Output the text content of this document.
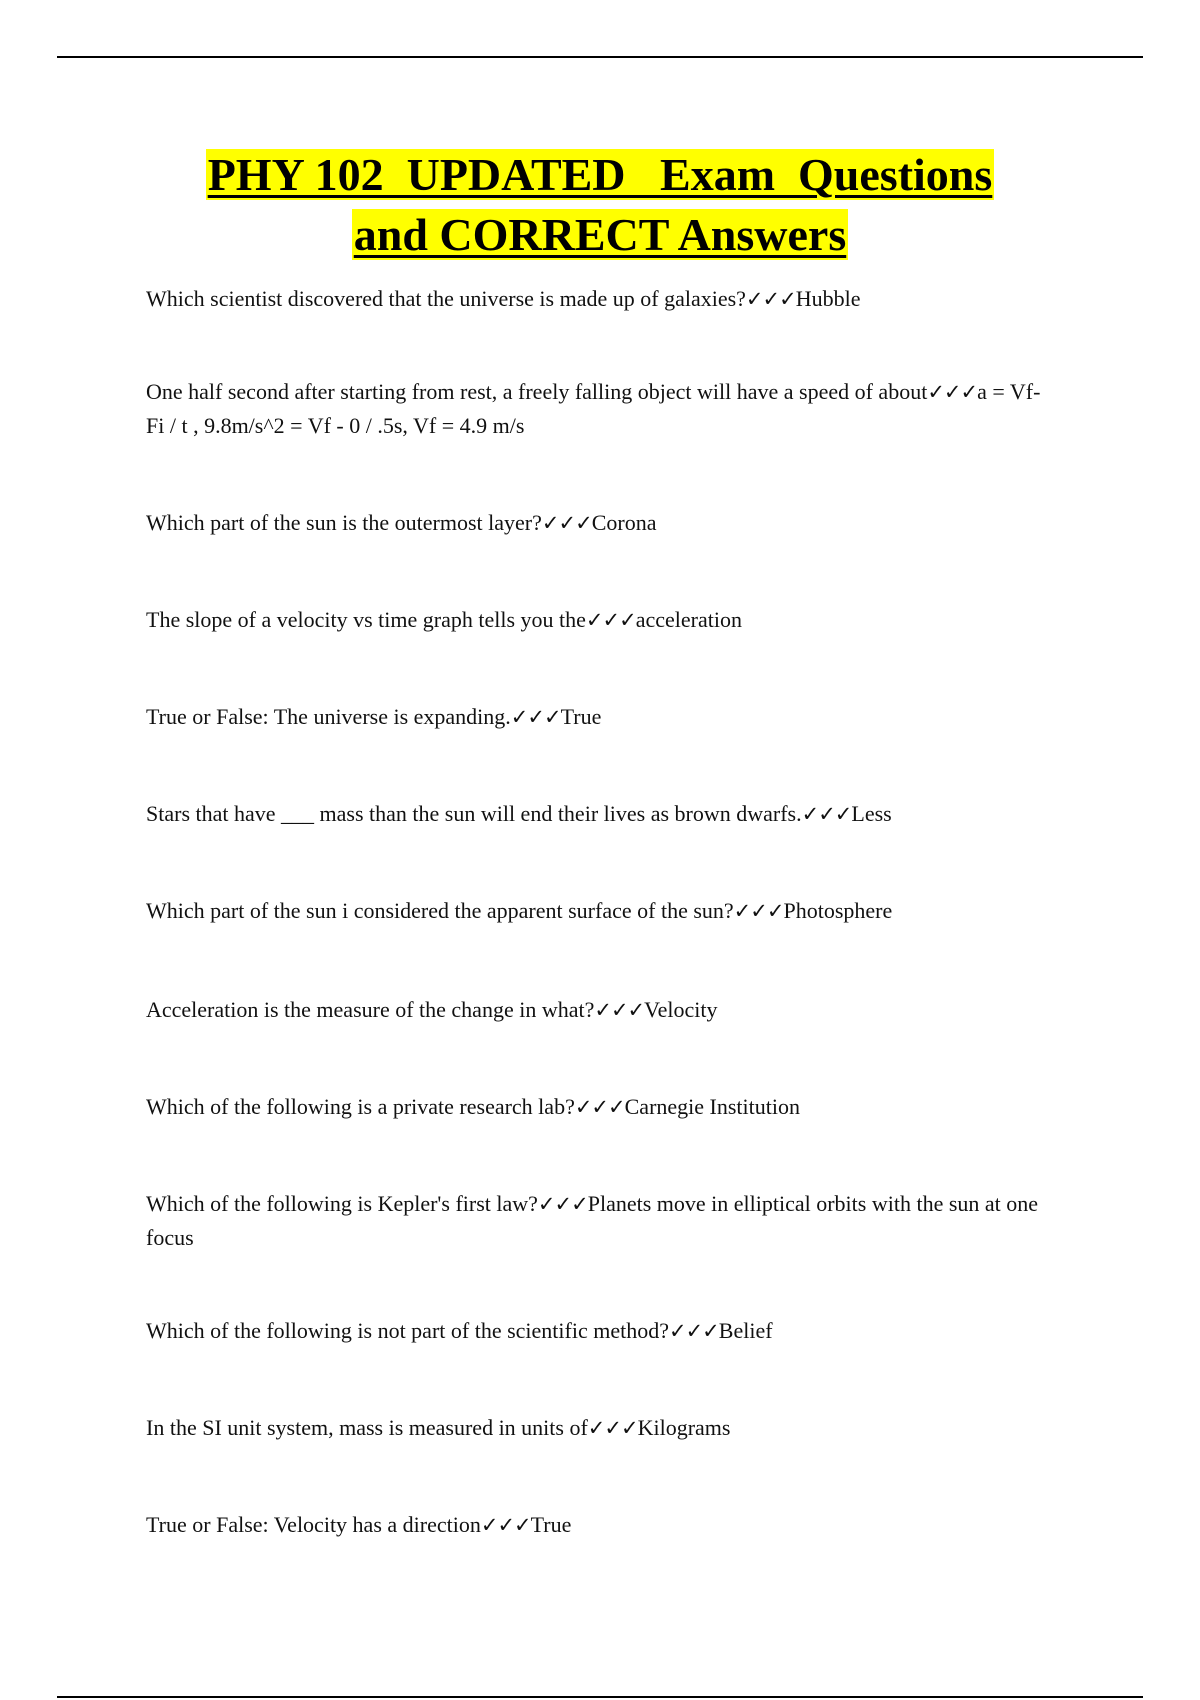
PHY 102  UPDATED   Exam  Questions
and CORRECT Answers
Which scientist discovered that the universe is made up of galaxies?✓✓✓Hubble
One half second after starting from rest, a freely falling object will have a speed of about✓✓✓a = Vf-Fi / t , 9.8m/s^2 = Vf - 0 / .5s, Vf = 4.9 m/s
Which part of the sun is the outermost layer?✓✓✓Corona
The slope of a velocity vs time graph tells you the✓✓✓acceleration
True or False: The universe is expanding.✓✓✓True
Stars that have ___ mass than the sun will end their lives as brown dwarfs.✓✓✓Less
Which part of the sun i considered the apparent surface of the sun?✓✓✓Photosphere
Acceleration is the measure of the change in what?✓✓✓Velocity
Which of the following is a private research lab?✓✓✓Carnegie Institution
Which of the following is Kepler's first law?✓✓✓Planets move in elliptical orbits with the sun at one focus
Which of the following is not part of the scientific method?✓✓✓Belief
In the SI unit system, mass is measured in units of✓✓✓Kilograms
True or False: Velocity has a direction✓✓✓True
